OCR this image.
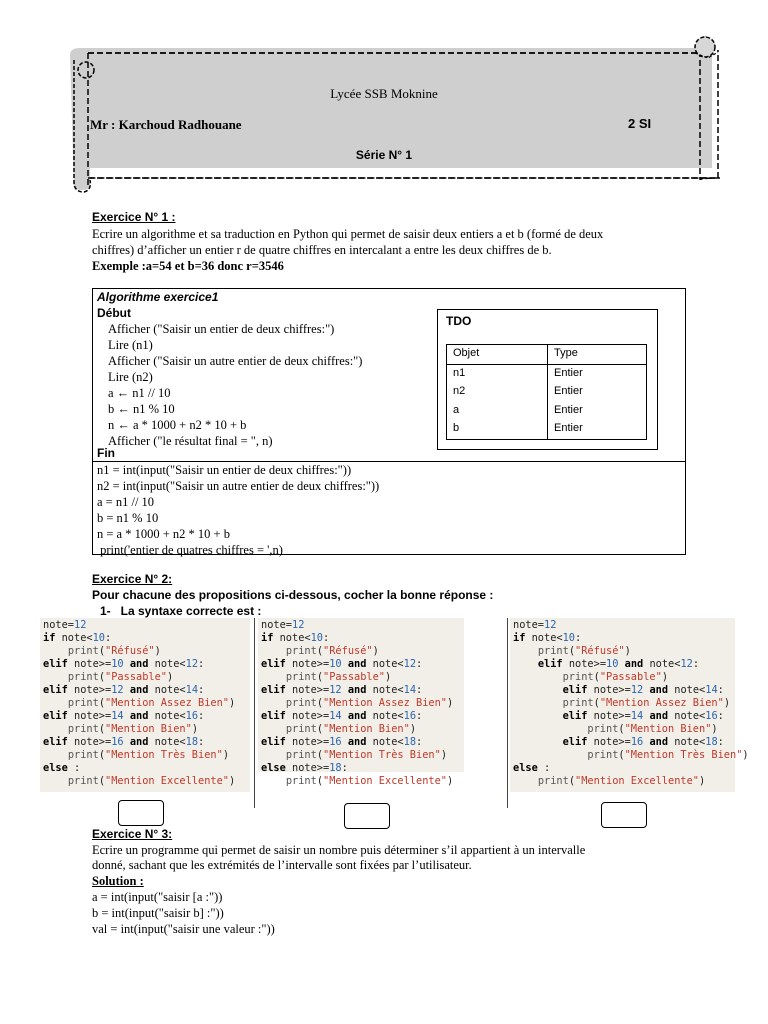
Lycée SSB Moknine
Mr : Karchoud Radhouane	2 SI
Série N° 1
Exercice N° 1 :
Ecrire un algorithme et sa traduction en Python qui permet de saisir deux entiers a et b (formé de deux
chiffres) d’afficher un entier r de quatre chiffres en intercalant a entre les deux chiffres de b.
Exemple :a=54 et b=36 donc r=3546
Algorithme exercice1
Début
Afficher ("Saisir un entier de deux chiffres:")
Lire (n1)
Afficher ("Saisir un autre entier de deux chiffres:")
Lire (n2)
a ← n1 // 10
b ← n1 % 10
n ← a * 1000 + n2 * 10 + b
Afficher ("le résultat final = ", n)
Fin
TDO
Objet	Type
n1	Entier
n2	Entier
a	Entier
b	Entier
n1 = int(input("Saisir un entier de deux chiffres:"))
n2 = int(input("Saisir un autre entier de deux chiffres:"))
a = n1 // 10
b = n1 % 10
n = a * 1000 + n2 * 10 + b
print('entier de quatres chiffres = ',n)
Exercice N° 2:
Pour chacune des propositions ci-dessous, cocher la bonne réponse :
1-   La syntaxe correcte est :
note=12
if note<10:
print("Réfusé")
elif note>=10 and note<12:
print("Passable")
elif note>=12 and note<14:
print("Mention Assez Bien")
elif note>=14 and note<16:
print("Mention Bien")
elif note>=16 and note<18:
print("Mention Très Bien")
else :
print("Mention Excellente")
note=12
if note<10:
print("Réfusé")
elif note>=10 and note<12:
print("Passable")
elif note>=12 and note<14:
print("Mention Assez Bien")
elif note>=14 and note<16:
print("Mention Bien")
elif note>=16 and note<18:
print("Mention Très Bien")
else note>=18:
print("Mention Excellente")
note=12
if note<10:
print("Réfusé")
elif note>=10 and note<12:
print("Passable")
elif note>=12 and note<14:
print("Mention Assez Bien")
elif note>=14 and note<16:
print("Mention Bien")
elif note>=16 and note<18:
print("Mention Très Bien")
else :
print("Mention Excellente")
Exercice N° 3:
Ecrire un programme qui permet de saisir un nombre puis déterminer s’il appartient à un intervalle
donné, sachant que les extrémités de l’intervalle sont fixées par l’utilisateur.
Solution :
a = int(input("saisir [a :"))
b = int(input("saisir b] :"))
val = int(input("saisir une valeur :"))
